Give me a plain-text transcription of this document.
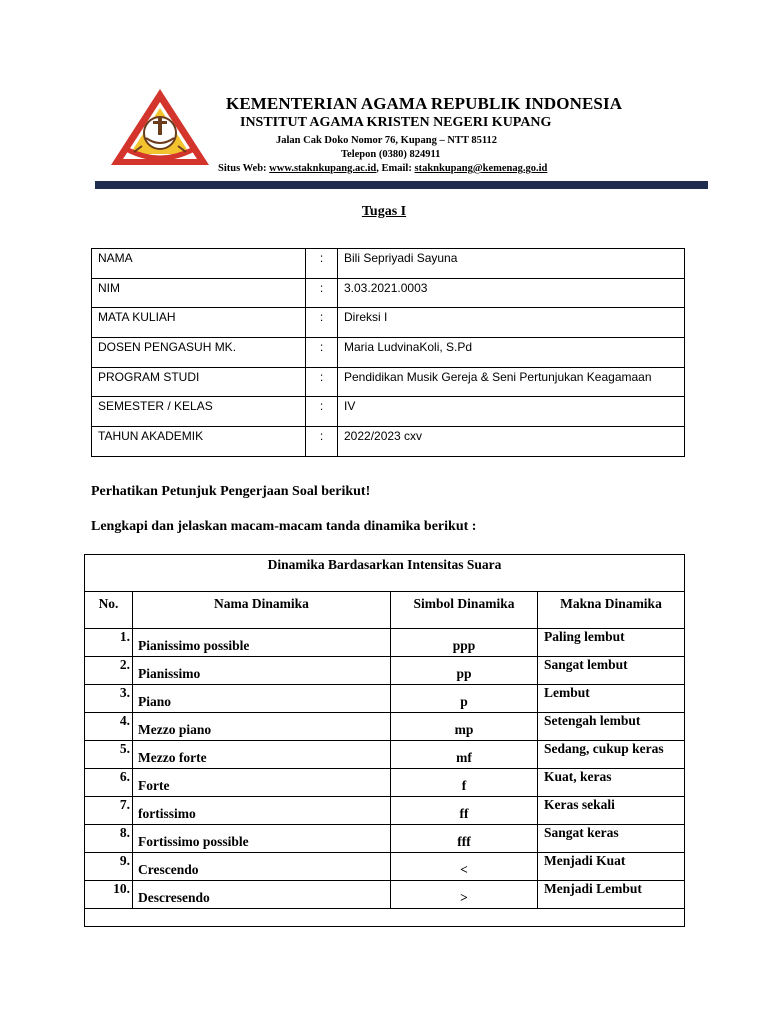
KEMENTERIAN AGAMA REPUBLIK INDONESIA
INSTITUT AGAMA KRISTEN NEGERI KUPANG
Jalan Cak Doko Nomor 76, Kupang – NTT 85112
Telepon (0380) 824911
Situs Web: www.staknkupang.ac.id, Email: staknkupang@kemenag.go.id
Tugas I
NAMA	:	Bili Sepriyadi Sayuna
NIM	:	3.03.2021.0003
MATA KULIAH	:	Direksi I
DOSEN PENGASUH MK.	:	Maria LudvinaKoli, S.Pd
PROGRAM STUDI	:	Pendidikan Musik Gereja & Seni Pertunjukan Keagamaan
SEMESTER / KELAS	:	IV
TAHUN AKADEMIK	:	2022/2023 cxv
Perhatikan Petunjuk Pengerjaan Soal berikut!
Lengkapi dan jelaskan macam-macam tanda dinamika berikut :
Dinamika Bardasarkan Intensitas Suara			
No.	Nama Dinamika	Simbol Dinamika	Makna Dinamika
1.	Pianissimo possible	ppp	Paling lembut
2.	Pianissimo	pp	Sangat lembut
3.	Piano	p	Lembut
4.	Mezzo piano	mp	Setengah lembut
5.	Mezzo forte	mf	Sedang, cukup keras
6.	Forte	f	Kuat, keras
7.	fortissimo	ff	Keras sekali
8.	Fortissimo possible	fff	Sangat keras
9.	Crescendo	<	Menjadi Kuat
10.	Descresendo	>	Menjadi Lembut
